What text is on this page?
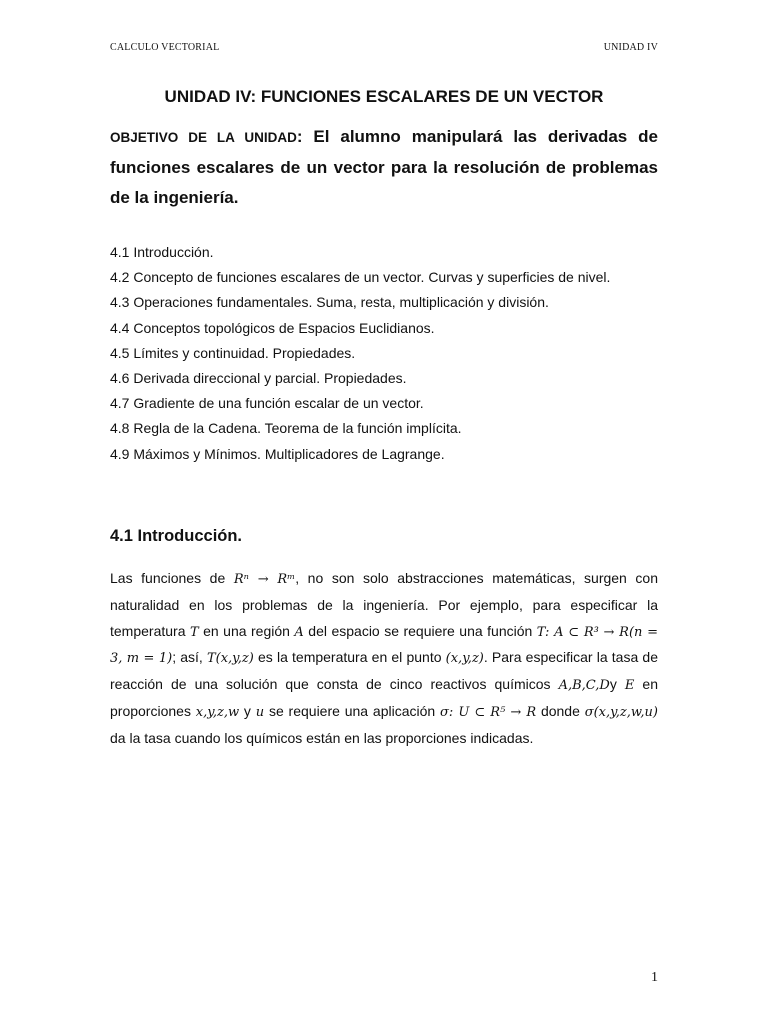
CALCULO VECTORIAL	UNIDAD IV
UNIDAD IV: FUNCIONES ESCALARES DE UN VECTOR
OBJETIVO DE LA UNIDAD: El alumno manipulará las derivadas de funciones escalares de un vector para la resolución de problemas de la ingeniería.
4.1 Introducción.
4.2 Concepto de funciones escalares de un vector. Curvas y superficies de nivel.
4.3 Operaciones fundamentales. Suma, resta, multiplicación y división.
4.4 Conceptos topológicos de Espacios Euclidianos.
4.5 Límites y continuidad. Propiedades.
4.6 Derivada direccional y parcial. Propiedades.
4.7 Gradiente de una función escalar de un vector.
4.8 Regla de la Cadena. Teorema de la función implícita.
4.9 Máximos y Mínimos. Multiplicadores de Lagrange.
4.1 Introducción.
Las funciones de Rⁿ → Rᵐ, no son solo abstracciones matemáticas, surgen con naturalidad en los problemas de la ingeniería. Por ejemplo, para especificar la temperatura T en una región A del espacio se requiere una función T: A ⊂ R³ → R(n = 3, m = 1); así, T(x,y,z) es la temperatura en el punto (x,y,z). Para especificar la tasa de reacción de una solución que consta de cinco reactivos químicos A,B,C,Dy E en proporciones x,y,z,w y u se requiere una aplicación σ: U ⊂ R⁵ → R donde σ(x,y,z,w,u) da la tasa cuando los químicos están en las proporciones indicadas.
1
